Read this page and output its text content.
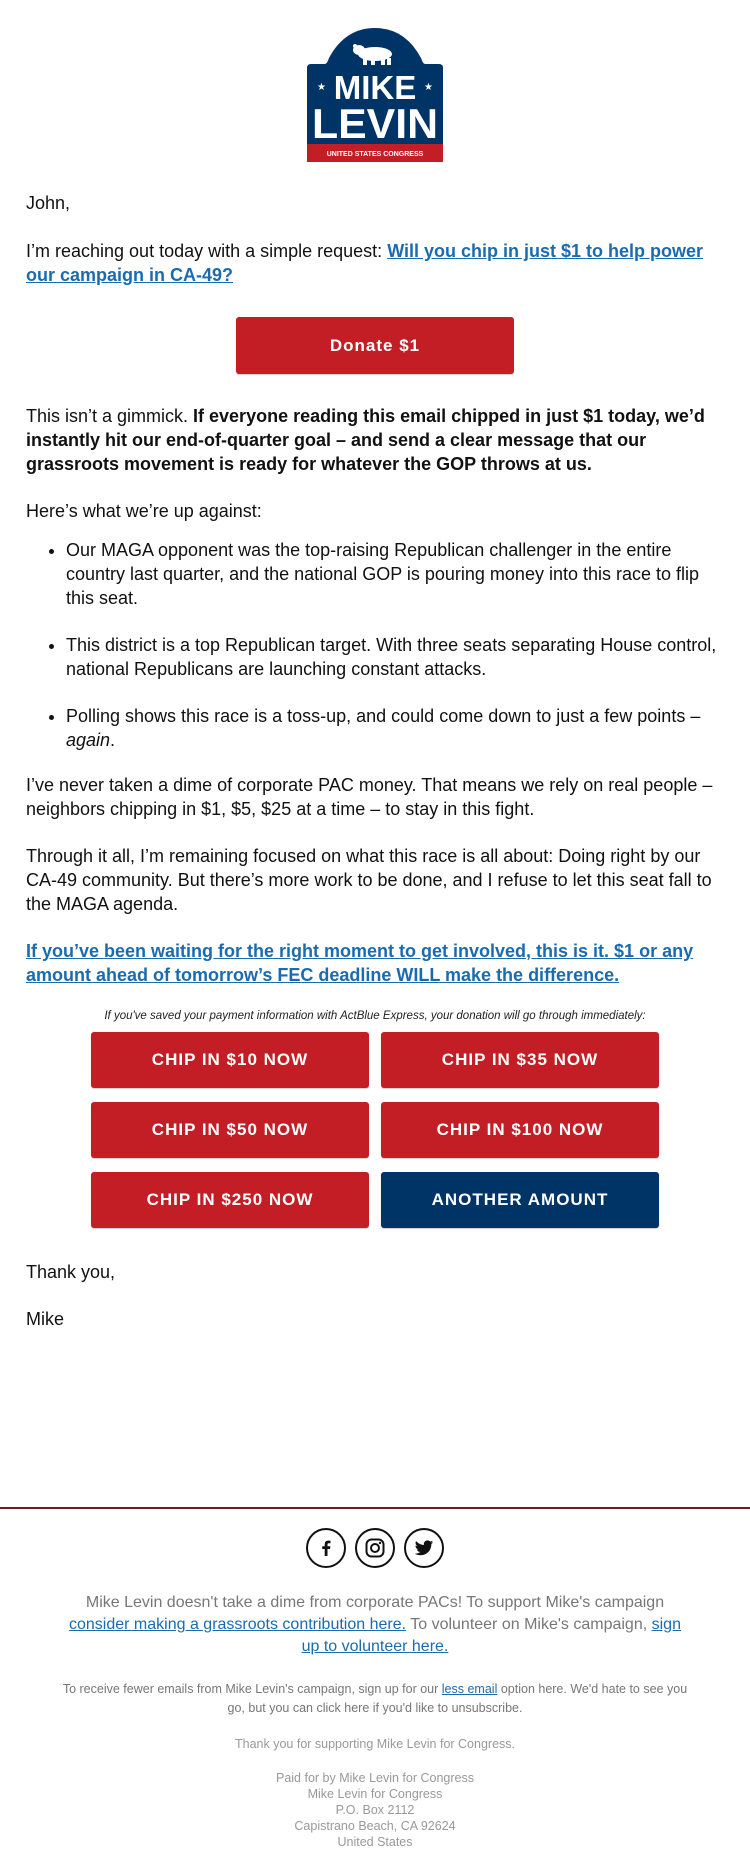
★	★
MIKE
LEVIN
UNITED STATES CONGRESS

John,

I’m reaching out today with a simple request: Will you chip in just $1 to help power our campaign in CA-49?

Donate $1

This isn’t a gimmick. If everyone reading this email chipped in just $1 today, we’d instantly hit our end-of-quarter goal – and send a clear message that our grassroots movement is ready for whatever the GOP throws at us.

Here’s what we’re up against:

• Our MAGA opponent was the top-raising Republican challenger in the entire country last quarter, and the national GOP is pouring money into this race to flip this seat.
• This district is a top Republican target. With three seats separating House control, national Republicans are launching constant attacks.
• Polling shows this race is a toss-up, and could come down to just a few points – again.

I’ve never taken a dime of corporate PAC money. That means we rely on real people – neighbors chipping in $1, $5, $25 at a time – to stay in this fight.

Through it all, I’m remaining focused on what this race is all about: Doing right by our CA-49 community. But there’s more work to be done, and I refuse to let this seat fall to the MAGA agenda.

If you’ve been waiting for the right moment to get involved, this is it. $1 or any amount ahead of tomorrow’s FEC deadline WILL make the difference.

If you've saved your payment information with ActBlue Express, your donation will go through immediately:
CHIP IN $10 NOW	CHIP IN $35 NOW
CHIP IN $50 NOW	CHIP IN $100 NOW
CHIP IN $250 NOW	ANOTHER AMOUNT

Thank you,

Mike

Mike Levin doesn't take a dime from corporate PACs! To support Mike's campaign consider making a grassroots contribution here. To volunteer on Mike's campaign, sign up to volunteer here.
To receive fewer emails from Mike Levin's campaign, sign up for our less email option here. We'd hate to see you go, but you can click here if you'd like to unsubscribe.
Thank you for supporting Mike Levin for Congress.
Paid for by Mike Levin for Congress
Mike Levin for Congress
P.O. Box 2112
Capistrano Beach, CA 92624
United States
